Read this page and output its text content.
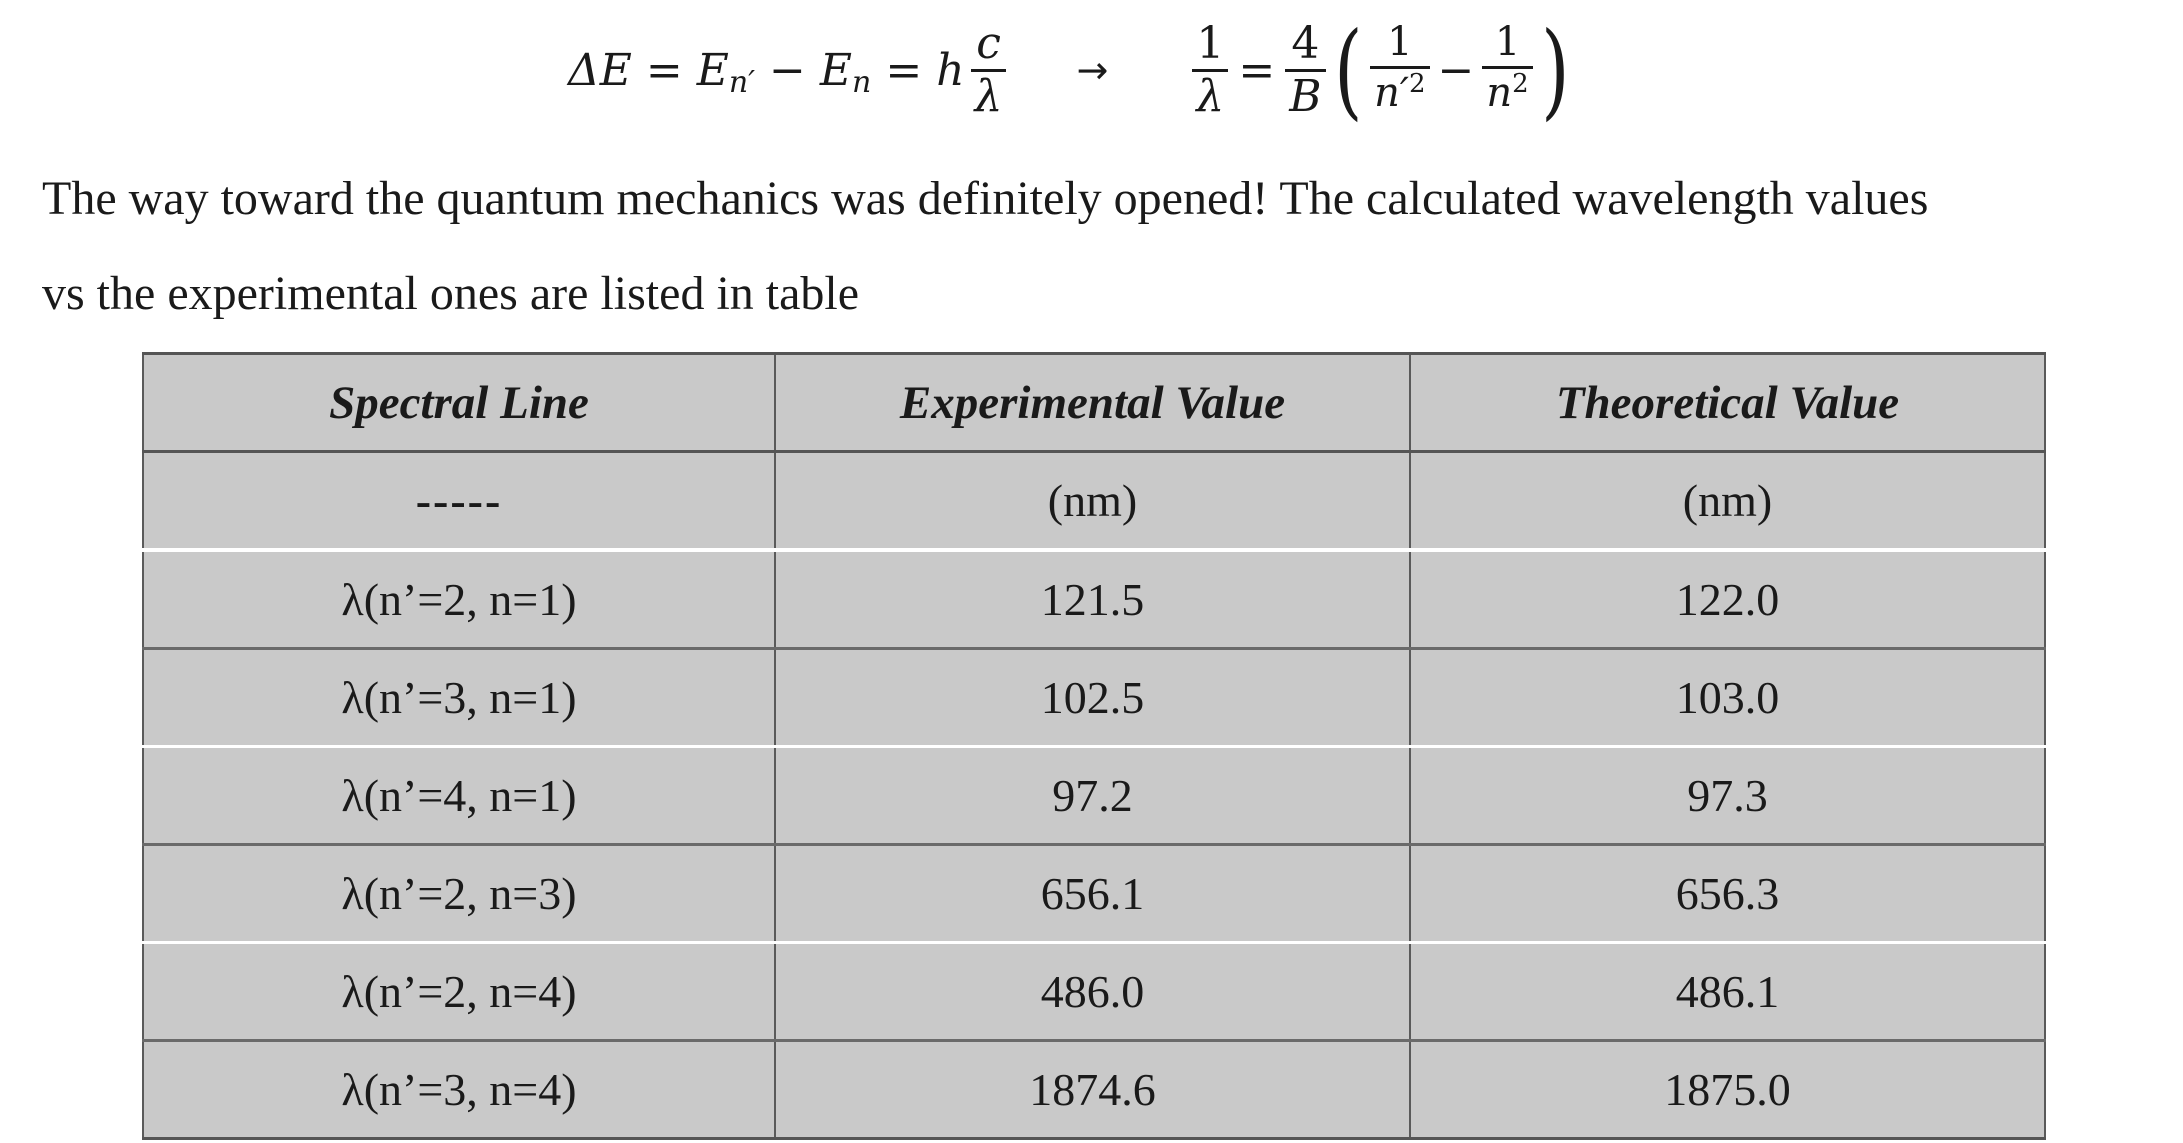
ΔE = E n′ − E n = h $\frac{c}{\lambda} \to \frac{1}{\lambda} = \frac{4}{B}$ ( $\frac{1}{n'^2} - \frac{1}{n^2}$ )
The way toward the quantum mechanics was definitely opened! The calculated wavelength values
vs the experimental ones are listed in table
Spectral Line	Experimental Value	Theoretical Value
-----	(nm)	(nm)
λ(n’=2, n=1)	121.5	122.0
λ(n’=3, n=1)	102.5	103.0
λ(n’=4, n=1)	97.2	97.3
λ(n’=2, n=3)	656.1	656.3
λ(n’=2, n=4)	486.0	486.1
λ(n’=3, n=4)	1874.6	1875.0
